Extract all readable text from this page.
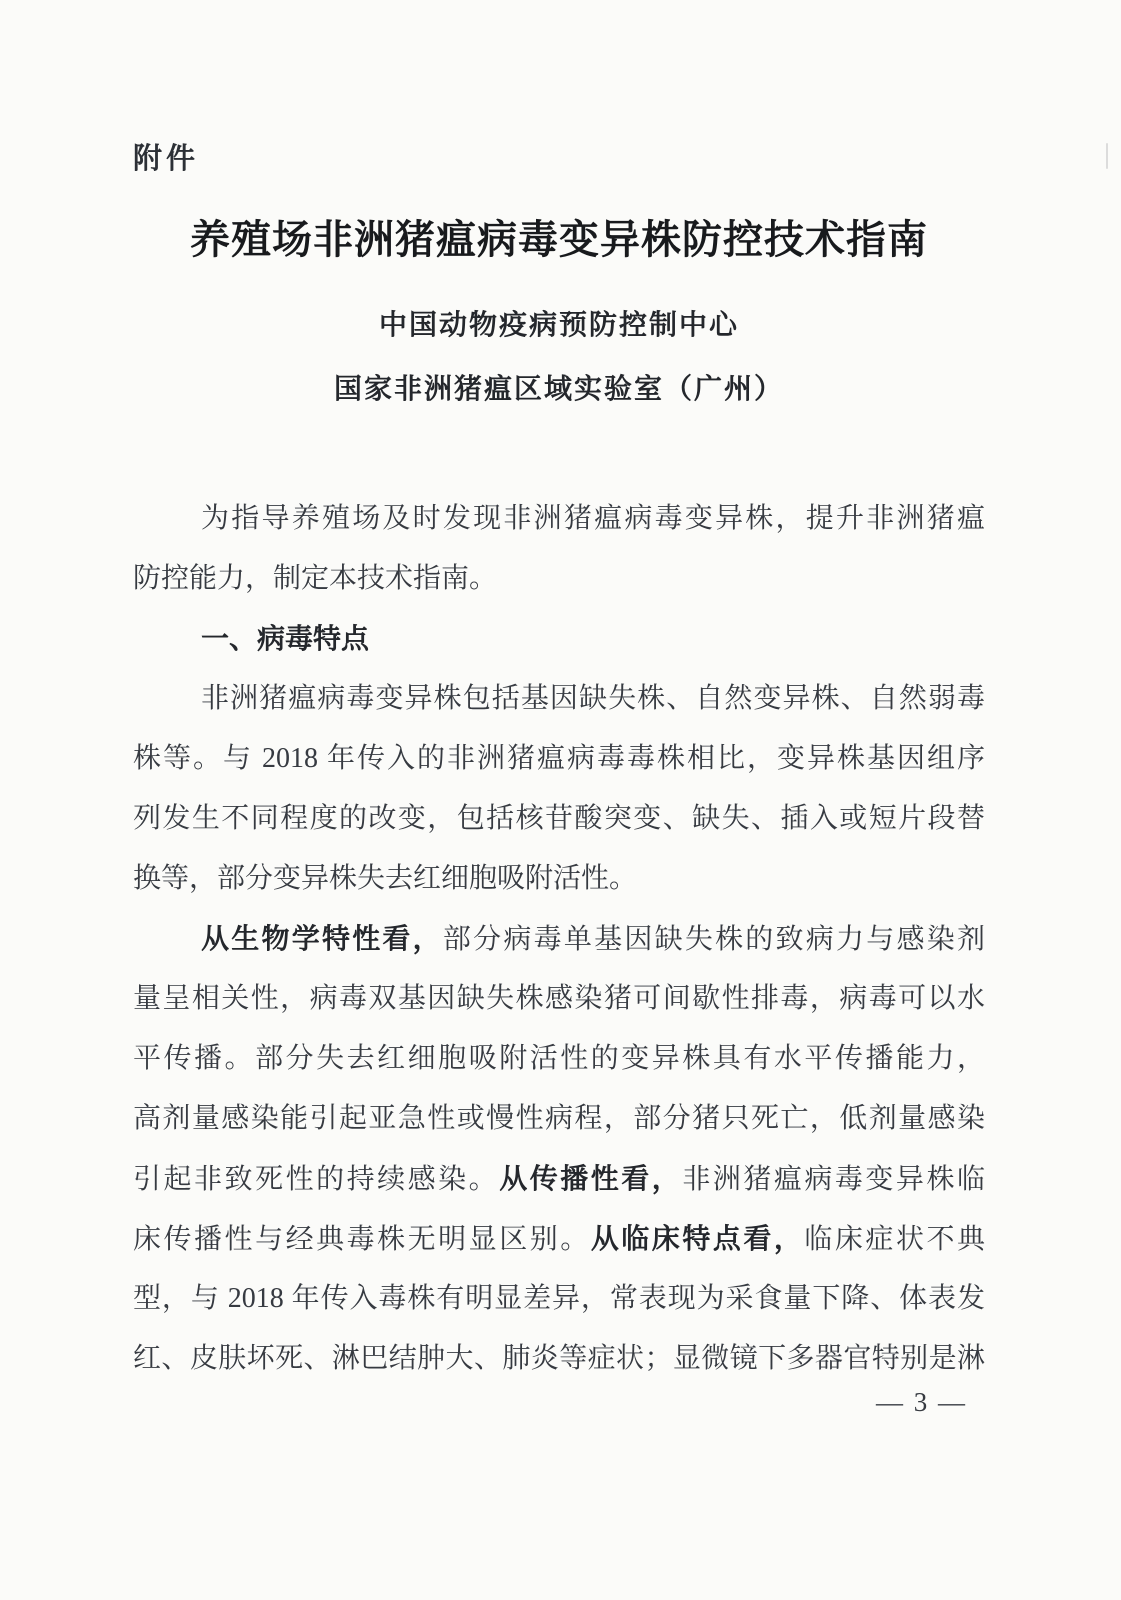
附件
养殖场非洲猪瘟病毒变异株防控技术指南
中国动物疫病预防控制中心
国家非洲猪瘟区域实验室（广州）
为指导养殖场及时发现非洲猪瘟病毒变异株，提升非洲猪瘟
防控能力，制定本技术指南。
一、病毒特点
非洲猪瘟病毒变异株包括基因缺失株、自然变异株、自然弱毒
株等。与 2018 年传入的非洲猪瘟病毒毒株相比，变异株基因组序
列发生不同程度的改变，包括核苷酸突变、缺失、插入或短片段替
换等，部分变异株失去红细胞吸附活性。
从生物学特性看，部分病毒单基因缺失株的致病力与感染剂
量呈相关性，病毒双基因缺失株感染猪可间歇性排毒，病毒可以水
平传播。部分失去红细胞吸附活性的变异株具有水平传播能力，
高剂量感染能引起亚急性或慢性病程，部分猪只死亡，低剂量感染
引起非致死性的持续感染。从传播性看，非洲猪瘟病毒变异株临
床传播性与经典毒株无明显区别。从临床特点看，临床症状不典
型，与 2018 年传入毒株有明显差异，常表现为采食量下降、体表发
红、皮肤坏死、淋巴结肿大、肺炎等症状；显微镜下多器官特别是淋
— 3 —
